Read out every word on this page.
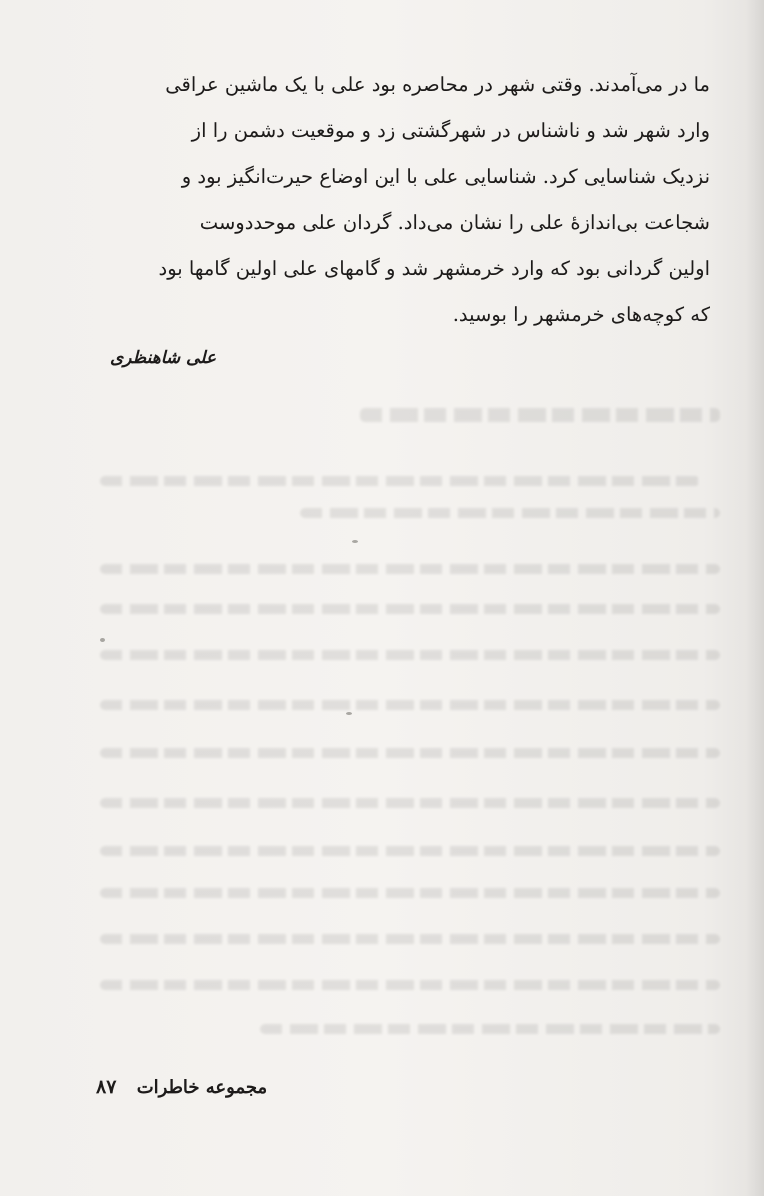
ما در می‌آمدند. وقتی شهر در محاصره بود علی با یک ماشین عراقی
وارد شهر شد و ناشناس در شهرگشتی زد و موقعیت دشمن را از
نزدیک شناسایی کرد. شناسایی علی با این اوضاع حیرت‌انگیز بود و
شجاعت بی‌اندازهٔ علی را نشان می‌داد. گردان علی موحددوست
اولین گردانی بود که وارد خرمشهر شد و گامهای علی اولین گامها بود
که کوچه‌های خرمشهر را بوسید.
علی شاهنظری
مجموعه خاطرات ۸۷
